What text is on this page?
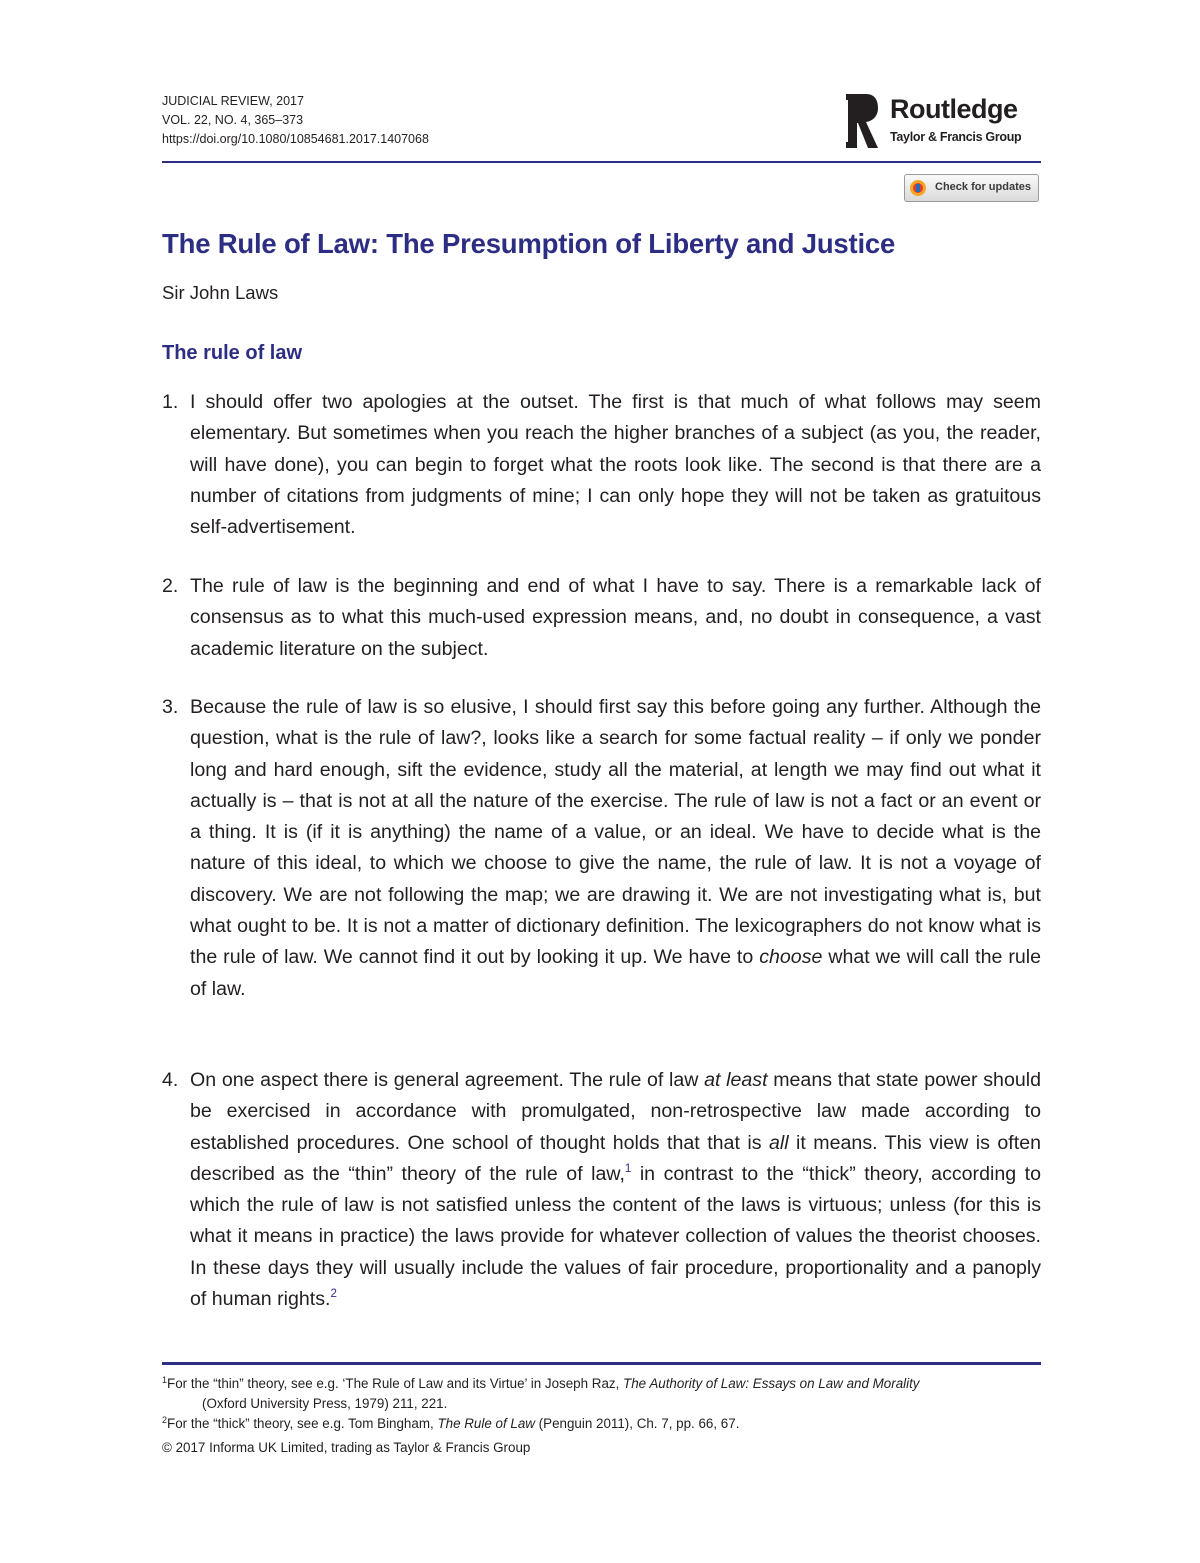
JUDICIAL REVIEW, 2017
VOL. 22, NO. 4, 365–373
https://doi.org/10.1080/10854681.2017.1407068
Routledge
Taylor & Francis Group
Check for updates
The Rule of Law: The Presumption of Liberty and Justice
Sir John Laws
The rule of law
1. I should offer two apologies at the outset. The first is that much of what follows may seem elementary. But sometimes when you reach the higher branches of a subject (as you, the reader, will have done), you can begin to forget what the roots look like. The second is that there are a number of citations from judgments of mine; I can only hope they will not be taken as gratuitous self-advertisement.
2. The rule of law is the beginning and end of what I have to say. There is a remarkable lack of consensus as to what this much-used expression means, and, no doubt in consequence, a vast academic literature on the subject.
3. Because the rule of law is so elusive, I should first say this before going any further. Although the question, what is the rule of law?, looks like a search for some factual reality – if only we ponder long and hard enough, sift the evidence, study all the material, at length we may find out what it actually is – that is not at all the nature of the exercise. The rule of law is not a fact or an event or a thing. It is (if it is anything) the name of a value, or an ideal. We have to decide what is the nature of this ideal, to which we choose to give the name, the rule of law. It is not a voyage of discovery. We are not following the map; we are drawing it. We are not investigating what is, but what ought to be. It is not a matter of dictionary definition. The lexicographers do not know what is the rule of law. We cannot find it out by looking it up. We have to choose what we will call the rule of law.
4. On one aspect there is general agreement. The rule of law at least means that state power should be exercised in accordance with promulgated, non-retrospective law made according to established procedures. One school of thought holds that that is all it means. This view is often described as the “thin” theory of the rule of law,$^1$ in contrast to the “thick” theory, according to which the rule of law is not satisfied unless the content of the laws is virtuous; unless (for this is what it means in practice) the laws provide for whatever collection of values the theorist chooses. In these days they will usually include the values of fair procedure, proportionality and a panoply of human rights.$^2$
$^1$For the “thin” theory, see e.g. ‘The Rule of Law and its Virtue’ in Joseph Raz, The Authority of Law: Essays on Law and Morality
(Oxford University Press, 1979) 211, 221.
$^2$For the “thick” theory, see e.g. Tom Bingham, The Rule of Law (Penguin 2011), Ch. 7, pp. 66, 67.
© 2017 Informa UK Limited, trading as Taylor & Francis Group
